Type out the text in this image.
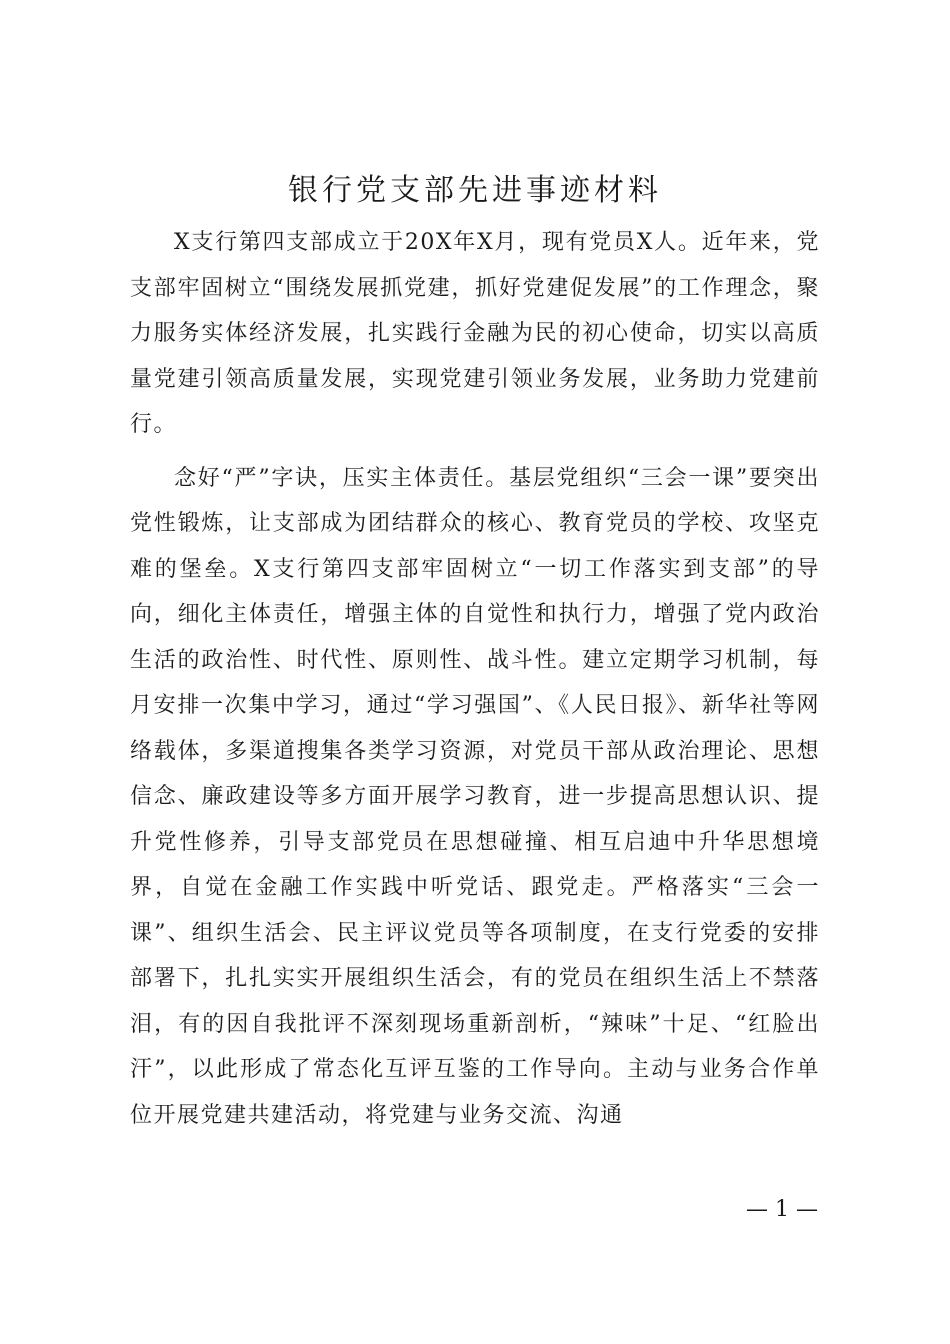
银行党支部先进事迹材料

X支行第四支部成立于20X年X月，现有党员X人。近年来，党支部牢固树立“围绕发展抓党建，抓好党建促发展”的工作理念，聚力服务实体经济发展，扎实践行金融为民的初心使命，切实以高质量党建引领高质量发展，实现党建引领业务发展，业务助力党建前行。

念好“严”字诀，压实主体责任。基层党组织“三会一课”要突出党性锻炼，让支部成为团结群众的核心、教育党员的学校、攻坚克难的堡垒。X支行第四支部牢固树立“一切工作落实到支部”的导向，细化主体责任，增强主体的自觉性和执行力，增强了党内政治生活的政治性、时代性、原则性、战斗性。建立定期学习机制，每月安排一次集中学习，通过“学习强国”、《人民日报》、新华社等网络载体，多渠道搜集各类学习资源，对党员干部从政治理论、思想信念、廉政建设等多方面开展学习教育，进一步提高思想认识、提升党性修养，引导支部党员在思想碰撞、相互启迪中升华思想境界，自觉在金融工作实践中听党话、跟党走。严格落实“三会一课”、组织生活会、民主评议党员等各项制度，在支行党委的安排部署下，扎扎实实开展组织生活会，有的党员在组织生活上不禁落泪，有的因自我批评不深刻现场重新剖析，“辣味”十足、“红脸出汗”，以此形成了常态化互评互鉴的工作导向。主动与业务合作单位开展党建共建活动，将党建与业务交流、沟通

— 1 —
